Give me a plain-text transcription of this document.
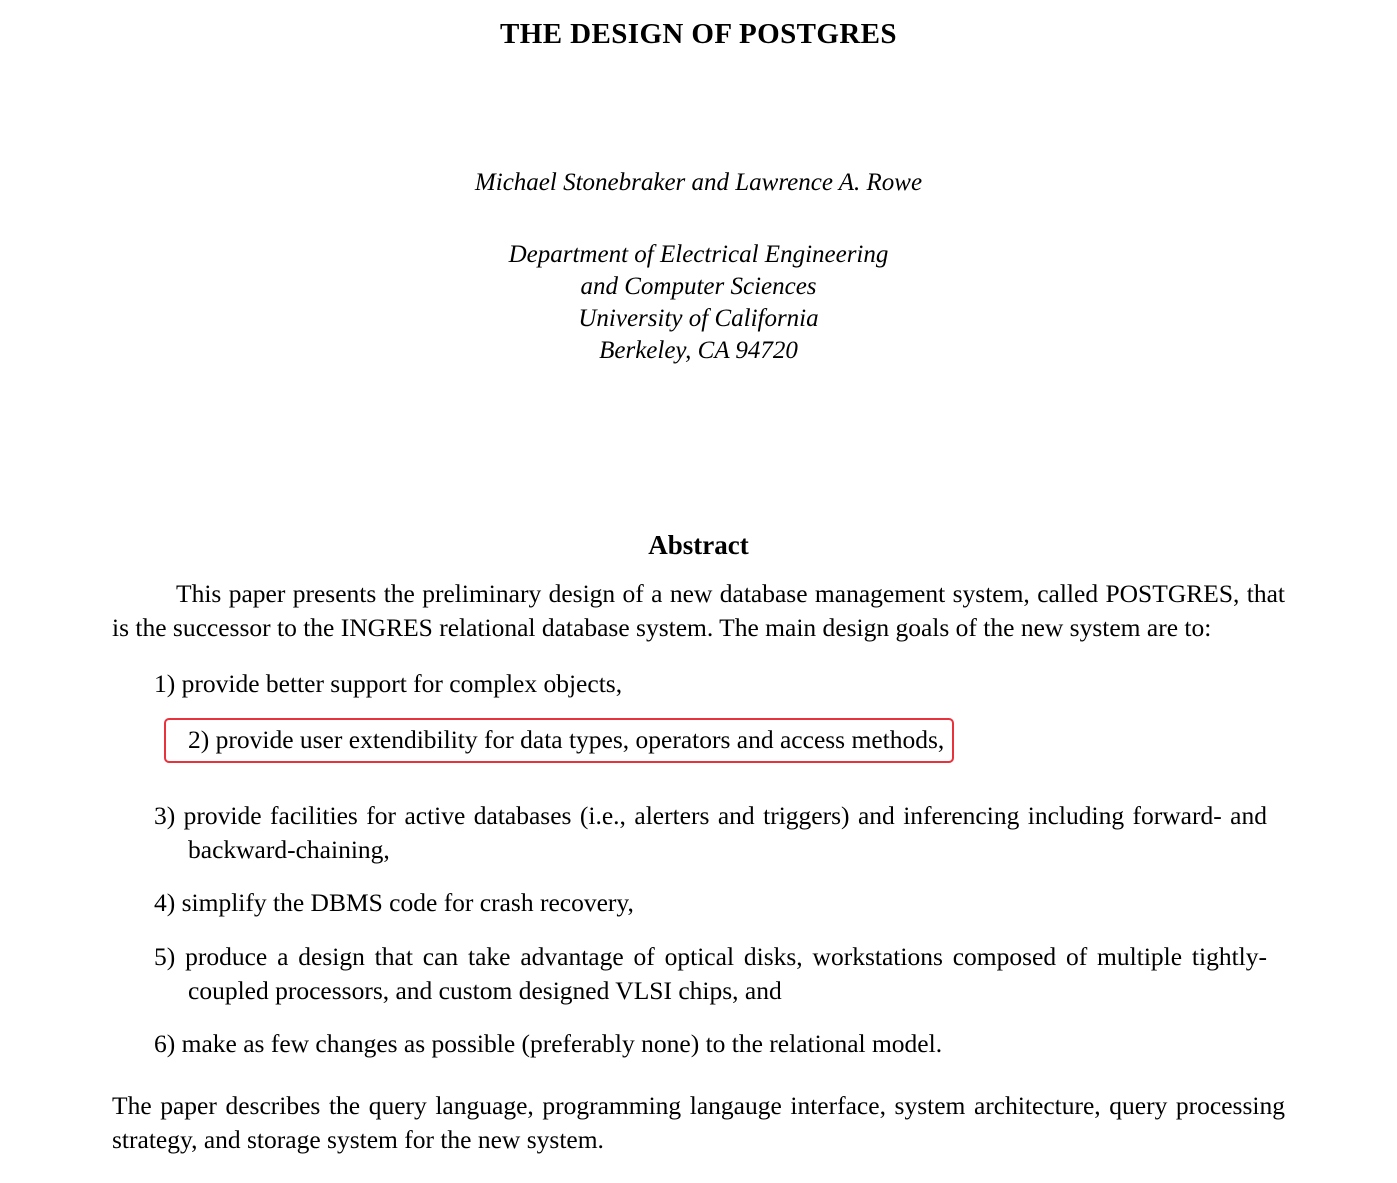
THE DESIGN OF POSTGRES
Michael Stonebraker and Lawrence A. Rowe
Department of Electrical Engineering
and Computer Sciences
University of California
Berkeley, CA 94720
Abstract
This paper presents the preliminary design of a new database management system, called POSTGRES, that is the successor to the INGRES relational database system. The main design goals of the new system are to:
1) provide better support for complex objects,
2) provide user extendibility for data types, operators and access methods,
3) provide facilities for active databases (i.e., alerters and triggers) and inferencing including forward- and backward-chaining,
4) simplify the DBMS code for crash recovery,
5) produce a design that can take advantage of optical disks, workstations composed of multiple tightly-coupled processors, and custom designed VLSI chips, and
6) make as few changes as possible (preferably none) to the relational model.
The paper describes the query language, programming langauge interface, system architecture, query processing strategy, and storage system for the new system.
